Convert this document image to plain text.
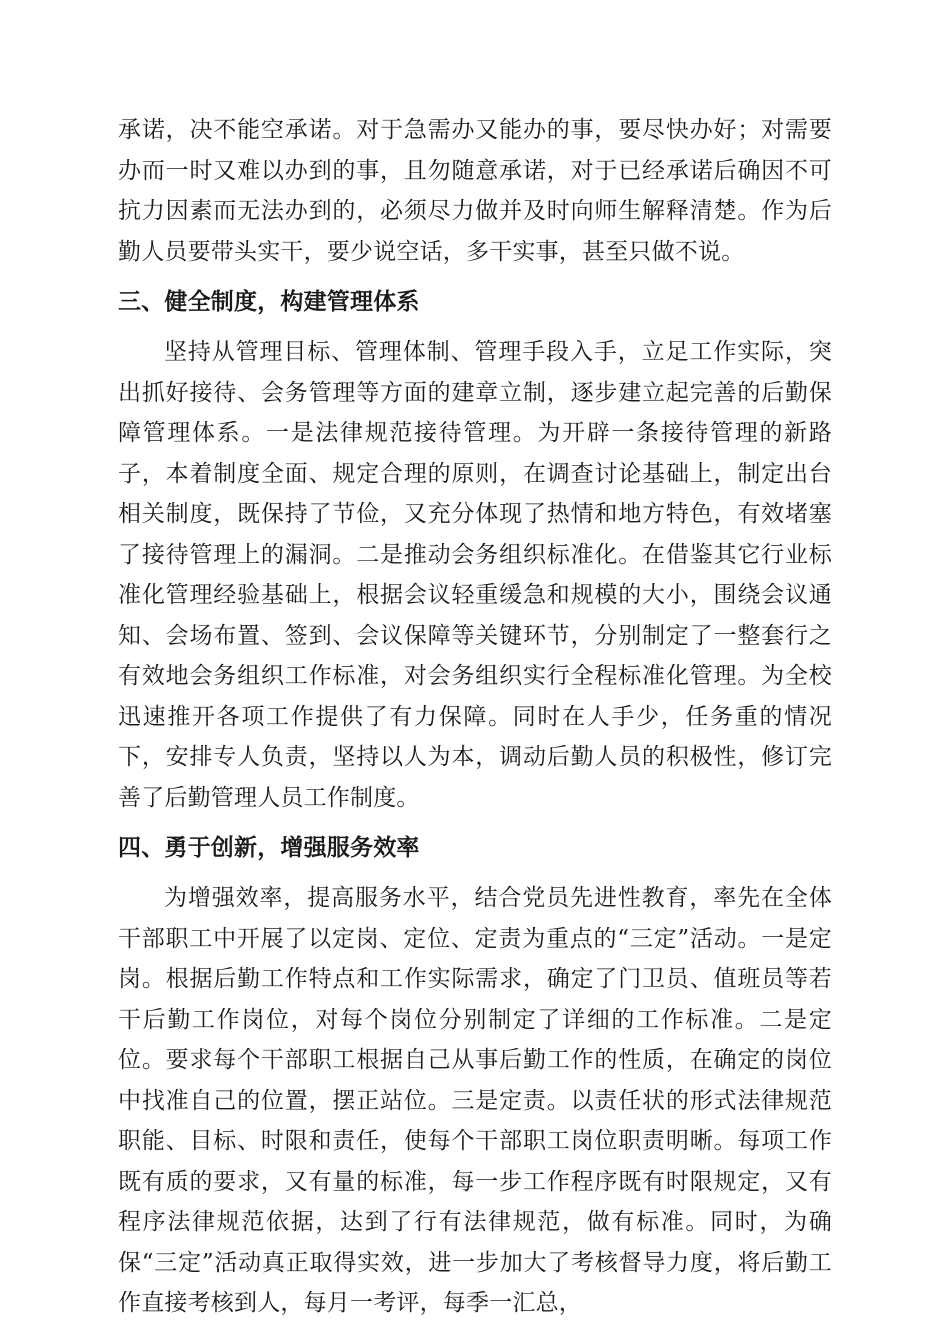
承诺，决不能空承诺。对于急需办又能办的事，要尽快办好；对需要办而一时又难以办到的事，且勿随意承诺，对于已经承诺后确因不可抗力因素而无法办到的，必须尽力做并及时向师生解释清楚。作为后勤人员要带头实干，要少说空话，多干实事，甚至只做不说。

三、健全制度，构建管理体系

坚持从管理目标、管理体制、管理手段入手，立足工作实际，突出抓好接待、会务管理等方面的建章立制，逐步建立起完善的后勤保障管理体系。一是法律规范接待管理。为开辟一条接待管理的新路子，本着制度全面、规定合理的原则，在调查讨论基础上，制定出台相关制度，既保持了节俭，又充分体现了热情和地方特色，有效堵塞了接待管理上的漏洞。二是推动会务组织标准化。在借鉴其它行业标准化管理经验基础上，根据会议轻重缓急和规模的大小，围绕会议通知、会场布置、签到、会议保障等关键环节，分别制定了一整套行之有效地会务组织工作标准，对会务组织实行全程标准化管理。为全校迅速推开各项工作提供了有力保障。同时在人手少，任务重的情况下，安排专人负责，坚持以人为本，调动后勤人员的积极性，修订完善了后勤管理人员工作制度。

四、勇于创新，增强服务效率

为增强效率，提高服务水平，结合党员先进性教育，率先在全体干部职工中开展了以定岗、定位、定责为重点的“三定”活动。一是定岗。根据后勤工作特点和工作实际需求，确定了门卫员、值班员等若干后勤工作岗位，对每个岗位分别制定了详细的工作标准。二是定位。要求每个干部职工根据自己从事后勤工作的性质，在确定的岗位中找准自己的位置，摆正站位。三是定责。以责任状的形式法律规范职能、目标、时限和责任，使每个干部职工岗位职责明晰。每项工作既有质的要求，又有量的标准，每一步工作程序既有时限规定，又有程序法律规范依据，达到了行有法律规范，做有标准。同时，为确保“三定”活动真正取得实效，进一步加大了考核督导力度，将后勤工作直接考核到人，每月一考评，每季一汇总，
